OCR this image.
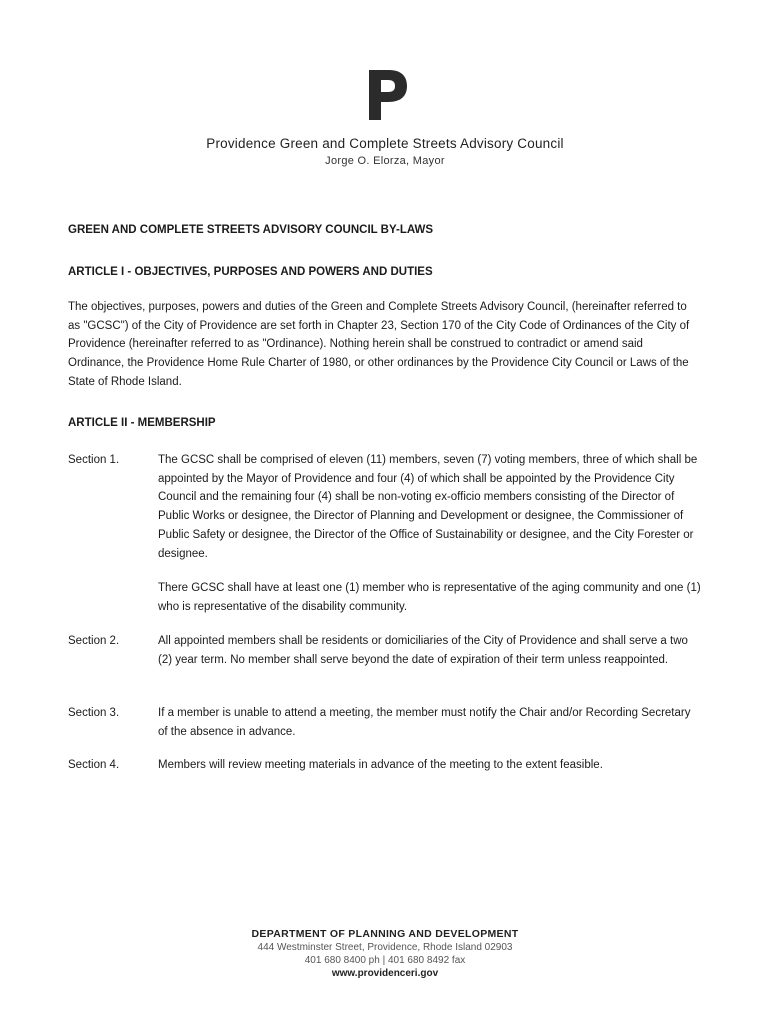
Providence Green and Complete Streets Advisory Council
Jorge O. Elorza, Mayor
GREEN AND COMPLETE STREETS ADVISORY COUNCIL BY-LAWS
ARTICLE I - OBJECTIVES, PURPOSES AND POWERS AND DUTIES
The objectives, purposes, powers and duties of the Green and Complete Streets Advisory Council, (hereinafter referred to as "GCSC") of the City of Providence are set forth in Chapter 23, Section 170 of the City Code of Ordinances of the City of Providence (hereinafter referred to as "Ordinance). Nothing herein shall be construed to contradict or amend said Ordinance, the Providence Home Rule Charter of 1980, or other ordinances by the Providence City Council or Laws of the State of Rhode Island.
ARTICLE II - MEMBERSHIP
Section 1.	The GCSC shall be comprised of eleven (11) members, seven (7) voting members, three of which shall be appointed by the Mayor of Providence and four (4) of which shall be appointed by the Providence City Council and the remaining four (4) shall be non-voting ex-officio members consisting of the Director of Public Works or designee, the Director of Planning and Development or designee, the Commissioner of Public Safety or designee, the Director of the Office of Sustainability or designee, and the City Forester or designee.
There GCSC shall have at least one (1) member who is representative of the aging community and one (1) who is representative of the disability community.
Section 2.	All appointed members shall be residents or domiciliaries of the City of Providence and shall serve a two (2) year term. No member shall serve beyond the date of expiration of their term unless reappointed.
Section 3.	If a member is unable to attend a meeting, the member must notify the Chair and/or Recording Secretary of the absence in advance.
Section 4.	Members will review meeting materials in advance of the meeting to the extent feasible.
DEPARTMENT OF PLANNING AND DEVELOPMENT
444 Westminster Street, Providence, Rhode Island 02903
401 680 8400 ph | 401 680 8492 fax
www.providenceri.gov
